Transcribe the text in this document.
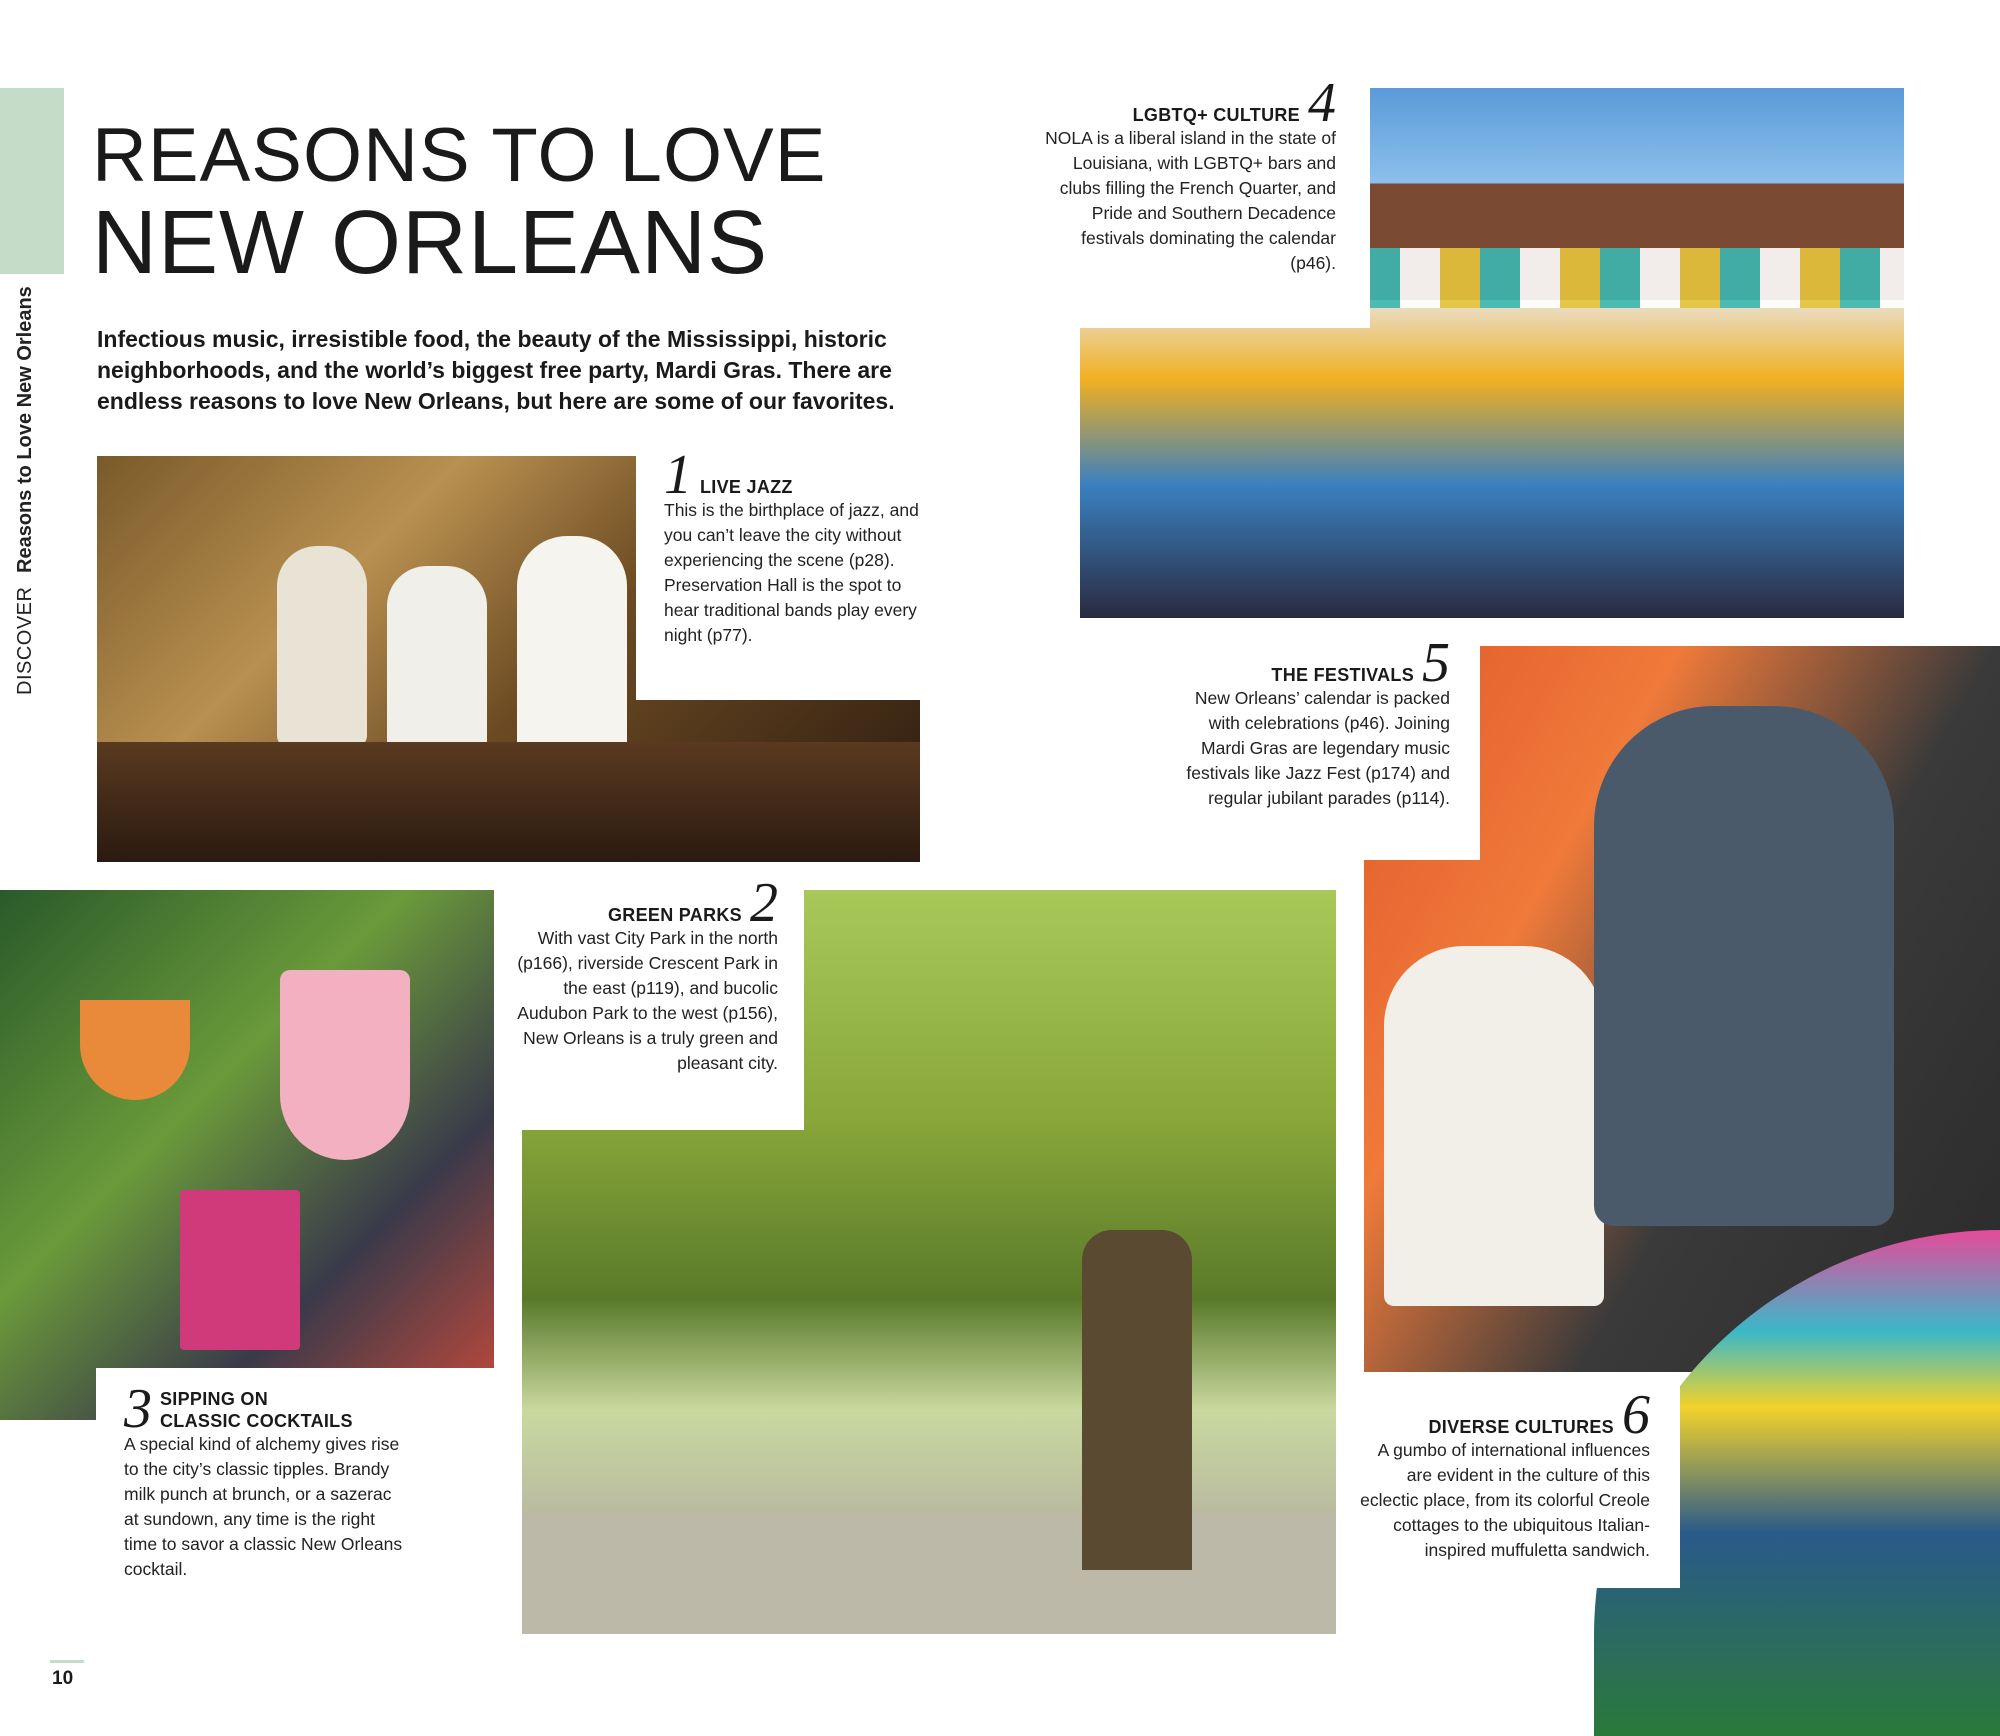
DISCOVER Reasons to Love New Orleans
REASONS TO LOVE
NEW ORLEANS
Infectious music, irresistible food, the beauty of the Mississippi, historic neighborhoods, and the world’s biggest free party, Mardi Gras. There are endless reasons to love New Orleans, but here are some of our favorites.
1 LIVE JAZZ
This is the birthplace of jazz, and you can’t leave the city without experiencing the scene (p28). Preservation Hall is the spot to hear traditional bands play every night (p77).
LGBTQ+ CULTURE 4
NOLA is a liberal island in the state of Louisiana, with LGBTQ+ bars and clubs filling the French Quarter, and Pride and Southern Decadence festivals dominating the calendar (p46).
THE FESTIVALS 5
New Orleans’ calendar is packed with celebrations (p46). Joining Mardi Gras are legendary music festivals like Jazz Fest (p174) and regular jubilant parades (p114).
GREEN PARKS 2
With vast City Park in the north (p166), riverside Crescent Park in the east (p119), and bucolic Audubon Park to the west (p156), New Orleans is a truly green and pleasant city.
3 SIPPING ON
CLASSIC COCKTAILS
A special kind of alchemy gives rise to the city’s classic tipples. Brandy milk punch at brunch, or a sazerac at sundown, any time is the right time to savor a classic New Orleans cocktail.
DIVERSE CULTURES 6
A gumbo of international influences are evident in the culture of this eclectic place, from its colorful Creole cottages to the ubiquitous Italian-inspired muffuletta sandwich.
10
